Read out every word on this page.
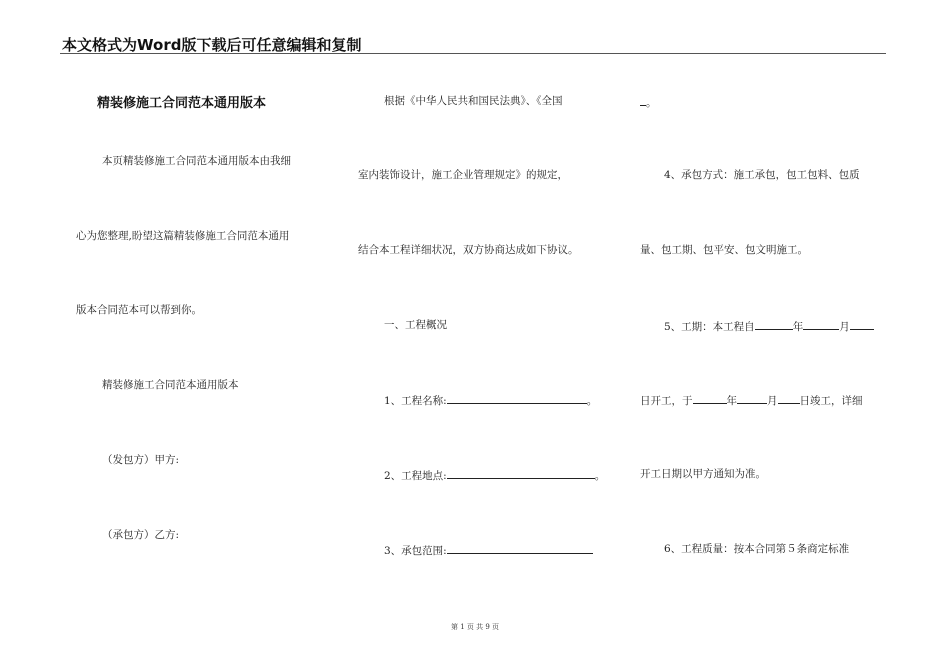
本文格式为Word版下载后可任意编辑和复制
精装修施工合同范本通用版本
本页精装修施工合同范本通用版本由我细
心为您整理,盼望这篇精装修施工合同范本通用
版本合同范本可以帮到你。
精装修施工合同范本通用版本
（发包方）甲方:
（承包方）乙方:
根据《中华人民共和国民法典》、《全国
室内装饰设计，施工企业管理规定》的规定，
结合本工程详细状况，双方协商达成如下协议。
一、工程概况
1、工程名称:	。
2、工程地点:	。
3、承包范围:
。
4、承包方式：施工承包，包工包料、包质
量、包工期、包平安、包文明施工。
5、工期：本工程自	年	月
日开工，于	年	月 日竣工，详细
开工日期以甲方通知为准。
6、工程质量：按本合同第５条商定标准
第 1 页 共 9 页
